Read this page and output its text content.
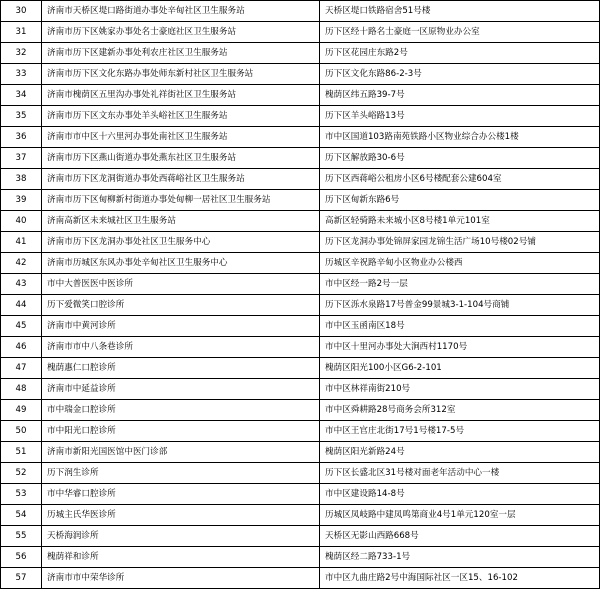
30	济南市天桥区堤口路街道办事处辛甸社区卫生服务站	天桥区堤口铁路宿舍51号楼
31	济南市历下区姚家办事处名士豪庭社区卫生服务站	历下区经十路名士豪庭一区原物业办公室
32	济南市历下区建新办事处利农庄社区卫生服务站	历下区花园庄东路2号
33	济南市历下区文化东路办事处师东新村社区卫生服务站	历下区文化东路86-2-3号
34	济南市槐荫区五里沟办事处礼祥街社区卫生服务站	槐荫区纬五路39-7号
35	济南市历下区文东办事处羊头峪社区卫生服务站	历下区羊头峪路13号
36	济南市市中区十六里河办事处南社区卫生服务站	市中区国道103路南苑铁路小区物业综合办公楼1楼
37	济南市历下区燕山街道办事处燕东社区卫生服务站	历下区解放路30-6号
38	济南市历下区龙洞街道办事处西蒋峪社区卫生服务站	历下区西蒋峪公租房小区6号楼配套公建604室
39	济南市历下区甸柳新村街道办事处甸柳一居社区卫生服务站	历下区甸新东路6号
40	济南高新区未来城社区卫生服务站	高新区轻骑路未来城小区8号楼1单元101室
41	济南市历下区龙洞办事处社区卫生服务中心	历下区龙洞办事处锦屏家园龙锦生活广场10号楼02号铺
42	济南市历城区东风办事处辛甸社区卫生服务中心	历城区辛祝路辛甸小区物业办公楼西
43	市中大普医医中医诊所	市中区经一路2号一层
44	历下爱微笑口腔诊所	历下区泺水泉路17号普金99景城3-1-104号商铺
45	济南市中黄河诊所	市中区玉函南区18号
46	济南市市中八条巷诊所	市中区十里河办事处大涧西村1170号
47	槐荫惠仁口腔诊所	槐荫区阳光100小区G6-2-101
48	济南市中延益诊所	市中区林祥南街210号
49	市中瑞金口腔诊所	市中区舜耕路28号商务会所312室
50	市中阳光口腔诊所	市中区王官庄北街17号1号楼17-5号
51	济南市新阳光国医馆中医门诊部	槐荫区阳光新路24号
52	历下润生诊所	历下区长盛北区31号楼对面老年活动中心一楼
53	市中华睿口腔诊所	市中区建设路14-8号
54	历城主氏华医诊所	历城区凤岐路中建凤鸣第商业4号1单元120室一层
55	天桥海润诊所	天桥区无影山西路668号
56	槐荫祥和诊所	槐荫区经二路733-1号
57	济南市市中荣华诊所	市中区九曲庄路2号中海国际社区一区15、16-102
